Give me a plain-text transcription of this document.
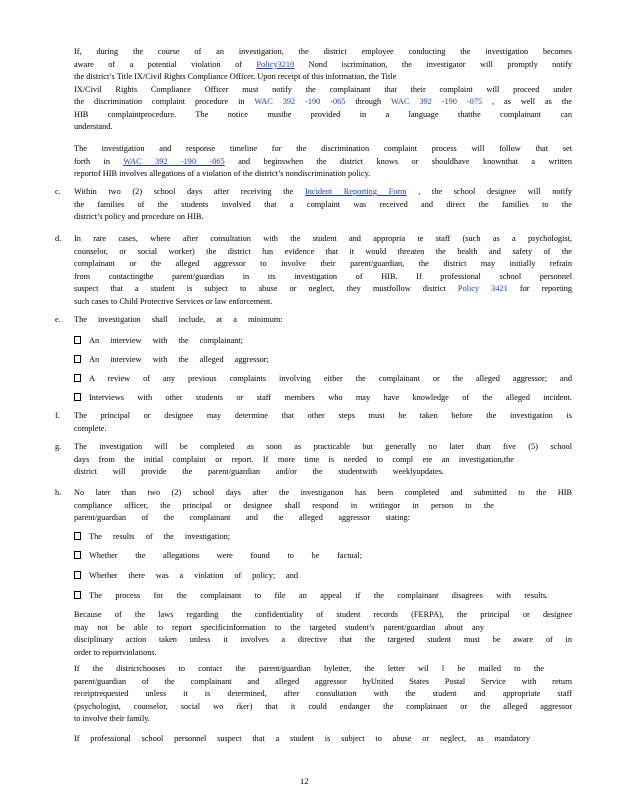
If, during the course of an investigation, the district employee conducting the investigation becomes
aware of a potential violation of Policy3210 Nond iscrimination, the investigator will promptly notify
the district’s Title IX/Civil Rights Compliance Officer. Upon receipt of this information, the Title
IX/Civil Rights Compliance Officer must notify the complainant that their complaint will proceed under
the discrimination complaint procedure in WAC 392 -190 -065 through WAC 392 -190 -075 , as well as the
HIB complaintprocedure. The notice mustbe provided in a language thatthe complainant can
understand.
The investigation and response timeline for the discrimination complaint process will follow that set
forth in WAC 392 -190 -065 and beginswhen the district knows or shouldhave knownthat a written
reportof HIB involves allegations of a violation of the district’s nondiscrimination policy.
c. Within two (2) school days after receiving the Incident Reporting Form , the school designee will notify
the families of the students involved that a complaint was received and direct the families to the
district’s policy and procedure on HIB.
d. In rare cases, where after consultation with the student and appropria te staff (such as a psychologist,
counselor, or social worker) the district has evidence that it would threaten the health and safety of the
complainant or the alleged aggressor to involve their parent/guardian, the district may initially refrain
from contactingthe parent/guardian in its investigation of HIB. If professional school personnel
suspect that a student is subject to abuse or neglect, they mustfollow district Policy 3421 for reporting
such cases to Child Protective Services or law enforcement.
e. The investigation shall include, at a minimum:
An interview with the complainant;
An interview with the alleged aggressor;
A review of any previous complaints involving either the complainant or the alleged aggressor; and
Interviews with other students or staff members who may have knowledge of the alleged incident.
f. The principal or designee may determine that other steps must be taken before the investigation is
complete.
g. The investigation will be completed as soon as practicable but generally no later than five (5) school
days from the initial complaint or report. If more time is needed to compl ete an investigation,the
district will provide the parent/guardian and/or the studentwith weeklyupdates.
h. No later than two (2) school days after the investigation has been completed and submitted to the HIB
compliance officer, the principal or designee shall respond in writingor in person to the
parent/guardian of the complainant and the alleged aggressor stating:
The results of the investigation;
Whether the allegations were found to be factual;
Whether there was a violation of policy; and
The process for the complainant to file an appeal if the complainant disagrees with results.
Because of the laws regarding the confidentiality of student records (FERPA), the principal or designee
may not be able to report specificinformation to the targeted student’s parent/guardian about any
disciplinary action taken unless it involves a directive that the targeted student must be aware of in
order to reportviolations.
If the districtchooses to contact the parent/guardian byletter, the letter wil l be mailed to the
parent/guardian of the complainant and alleged aggressor byUnited States Postal Service with return
receiptrequested unless it is determined, after consultation with the student and appropriate staff
(psychologist, counselor, social wo rker) that it could endanger the complainant or the alleged aggressor
to involve their family.
If professional school personnel suspect that a student is subject to abuse or neglect, as mandatory
12
